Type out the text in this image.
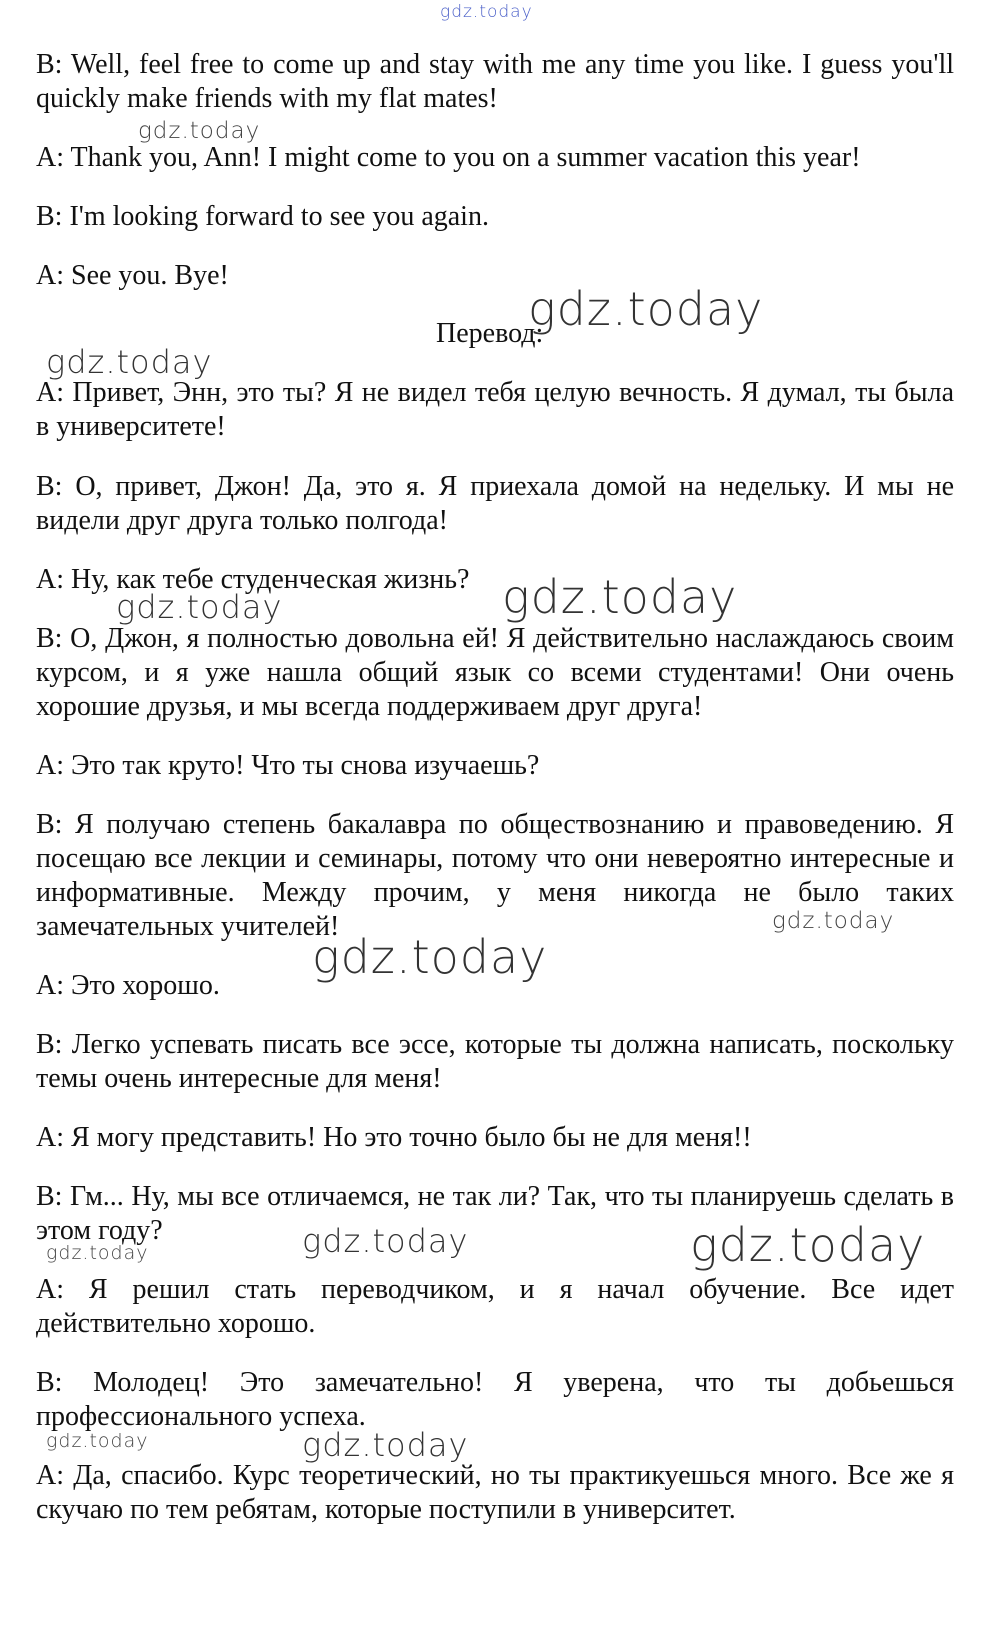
gdz.today

B: Well, feel free to come up and stay with me any time you like. I guess you'll quickly make friends with my flat mates!

gdz.today

A: Thank you, Ann! I might come to you on a summer vacation this year!

B: I'm looking forward to see you again.

A: See you. Bye!

Перевод:
gdz.today
gdz.today

A: Привет, Энн, это ты? Я не видел тебя целую вечность. Я думал, ты была в университете!

B: О, привет, Джон! Да, это я. Я приехала домой на недельку. И мы не видели друг друга только полгода!

A: Ну, как тебе студенческая жизнь?

gdz.today	gdz.today

B: О, Джон, я полностью довольна ей! Я действительно наслаждаюсь своим курсом, и я уже нашла общий язык со всеми студентами! Они очень хорошие друзья, и мы всегда поддерживаем друг друга!

A: Это так круто! Что ты снова изучаешь?

B: Я получаю степень бакалавра по обществознанию и правоведению. Я посещаю все лекции и семинары, потому что они невероятно интересные и информативные. Между прочим, у меня никогда не было таких замечательных учителей!	gdz.today
gdz.today

A: Это хорошо.

B: Легко успевать писать все эссе, которые ты должна написать, поскольку темы очень интересные для меня!

A: Я могу представить! Но это точно было бы не для меня!!

B: Гм... Ну, мы все отличаемся, не так ли? Так, что ты планируешь сделать в этом году?

gdz.today	gdz.today	gdz.today

A: Я решил стать переводчиком, и я начал обучение. Все идет действительно хорошо.

B: Молодец! Это замечательно! Я уверена, что ты добьешься профессионального успеха.

gdz.today	gdz.today

A: Да, спасибо. Курс теоретический, но ты практикуешься много. Все же я скучаю по тем ребятам, которые поступили в университет.
